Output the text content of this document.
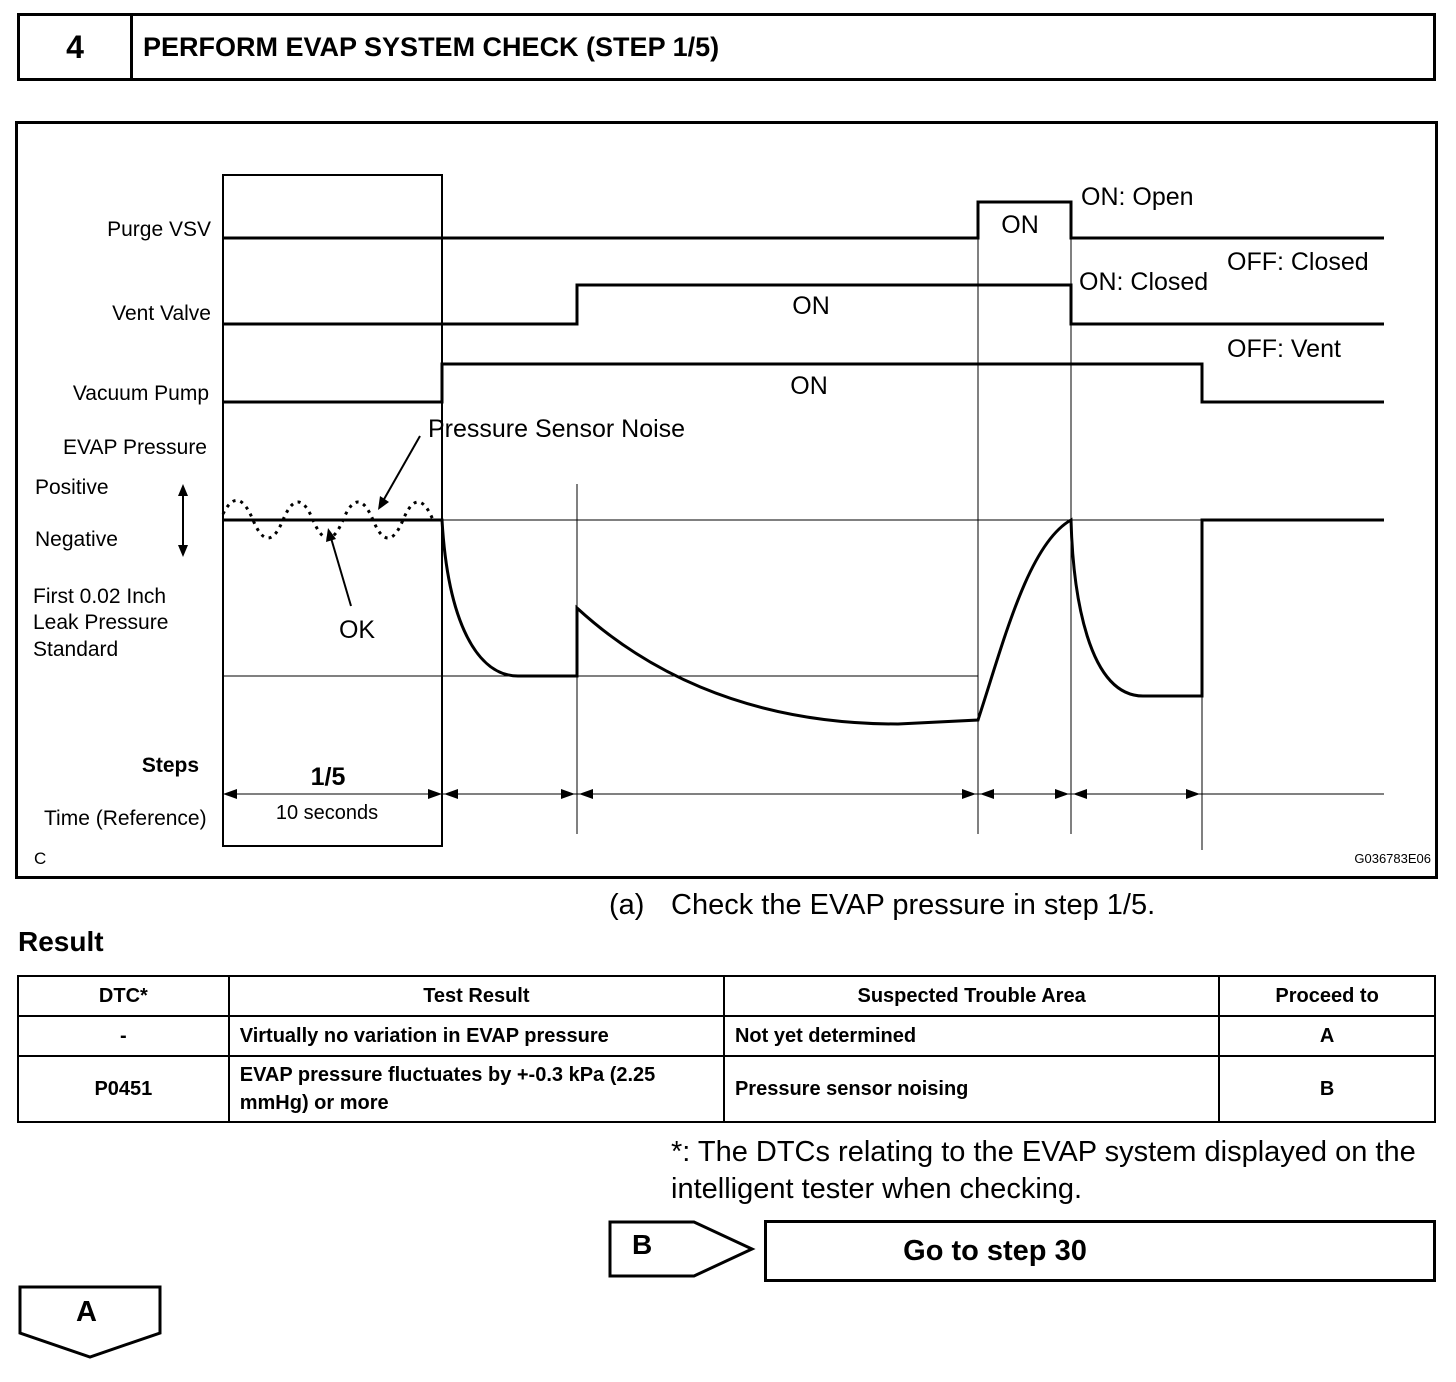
4	PERFORM EVAP SYSTEM CHECK (STEP 1/5)
Purge VSV
Vent Valve
Vacuum Pump
EVAP Pressure
Positive
Negative
First 0.02 Inch
Leak Pressure
Standard
Steps
Time (Reference)
ON: Open
OFF: Closed
ON: Closed
OFF: Vent
ON
ON
ON
Pressure Sensor Noise
OK
1/5
10 seconds
C	G036783E06
(a) Check the EVAP pressure in step 1/5.
Result
DTC*	Test Result	Suspected Trouble Area	Proceed to
-	Virtually no variation in EVAP pressure	Not yet determined	A
P0451	EVAP pressure fluctuates by +-0.3 kPa (2.25 mmHg) or more	Pressure sensor noising	B
*: The DTCs relating to the EVAP system displayed on the intelligent tester when checking.
B	Go to step 30
A
